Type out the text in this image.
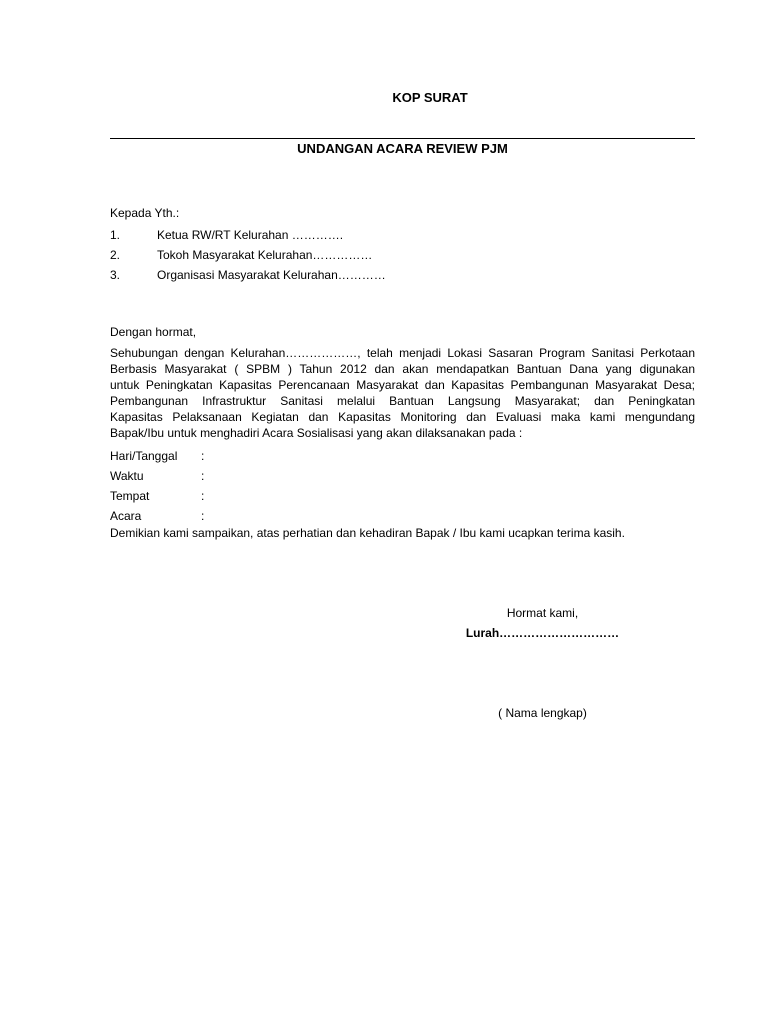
KOP SURAT
UNDANGAN ACARA REVIEW PJM
Kepada Yth.:
1.	Ketua RW/RT Kelurahan ………….
2.	Tokoh Masyarakat Kelurahan……………
3.	Organisasi Masyarakat Kelurahan…………
Dengan hormat,

Sehubungan dengan Kelurahan………………, telah menjadi Lokasi Sasaran Program Sanitasi Perkotaan
Berbasis Masyarakat ( SPBM ) Tahun 2012 dan akan mendapatkan Bantuan Dana yang digunakan
untuk Peningkatan Kapasitas Perencanaan Masyarakat dan Kapasitas Pembangunan Masyarakat Desa;
Pembangunan Infrastruktur Sanitasi melalui Bantuan Langsung Masyarakat; dan Peningkatan
Kapasitas Pelaksanaan Kegiatan dan Kapasitas Monitoring dan Evaluasi maka kami mengundang
Bapak/Ibu untuk menghadiri Acara Sosialisasi yang akan dilaksanakan pada :

Hari/Tanggal :
Waktu	:
Tempat	:
Acara	:
Demikian kami sampaikan, atas perhatian dan kehadiran Bapak / Ibu kami ucapkan terima kasih.
Hormat kami,
Lurah…………………………
( Nama lengkap)
